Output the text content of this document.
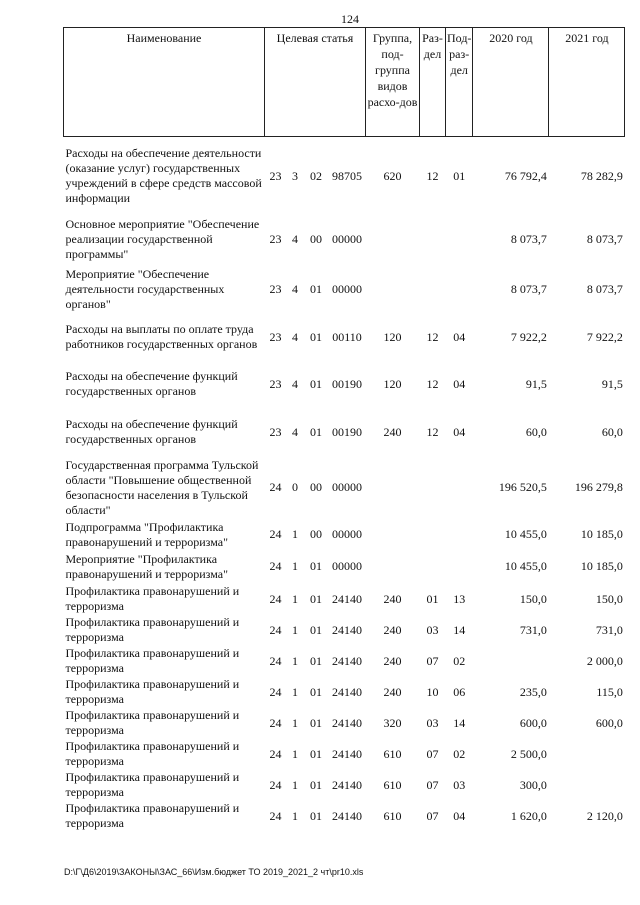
124
Наименование	Целевая статья				Группа, под-группа видов расхо-дов	Раз-дел	Под-раз-дел	2020 год	2021 год
Расходы на обеспечение деятельности (оказание услуг) государственных учреждений в сфере средств массовой информации	23	3	02	98705	620	12	01	76 792,4	78 282,9
Основное мероприятие "Обеспечение реализации государственной программы"	23	4	00	00000				8 073,7	8 073,7
Мероприятие "Обеспечение деятельности государственных органов"	23	4	01	00000				8 073,7	8 073,7
Расходы на выплаты по оплате труда работников государственных органов	23	4	01	00110	120	12	04	7 922,2	7 922,2
Расходы на обеспечение функций государственных органов	23	4	01	00190	120	12	04	91,5	91,5
Расходы на обеспечение функций государственных органов	23	4	01	00190	240	12	04	60,0	60,0
Государственная программа Тульской области "Повышение общественной безопасности населения в Тульской области"	24	0	00	00000				196 520,5	196 279,8
Подпрограмма "Профилактика правонарушений и терроризма"	24	1	00	00000				10 455,0	10 185,0
Мероприятие "Профилактика правонарушений и терроризма"	24	1	01	00000				10 455,0	10 185,0
Профилактика правонарушений и терроризма	24	1	01	24140	240	01	13	150,0	150,0
Профилактика правонарушений и терроризма	24	1	01	24140	240	03	14	731,0	731,0
Профилактика правонарушений и терроризма	24	1	01	24140	240	07	02		2 000,0
Профилактика правонарушений и терроризма	24	1	01	24140	240	10	06	235,0	115,0
Профилактика правонарушений и терроризма	24	1	01	24140	320	03	14	600,0	600,0
Профилактика правонарушений и терроризма	24	1	01	24140	610	07	02	2 500,0	
Профилактика правонарушений и терроризма	24	1	01	24140	610	07	03	300,0	
Профилактика правонарушений и терроризма	24	1	01	24140	610	07	04	1 620,0	2 120,0
D:\Г\Д6\2019\ЗАКОНЫ\ЗАС_66\Изм.бюджет ТО 2019_2021_2 чт\pr10.xls
